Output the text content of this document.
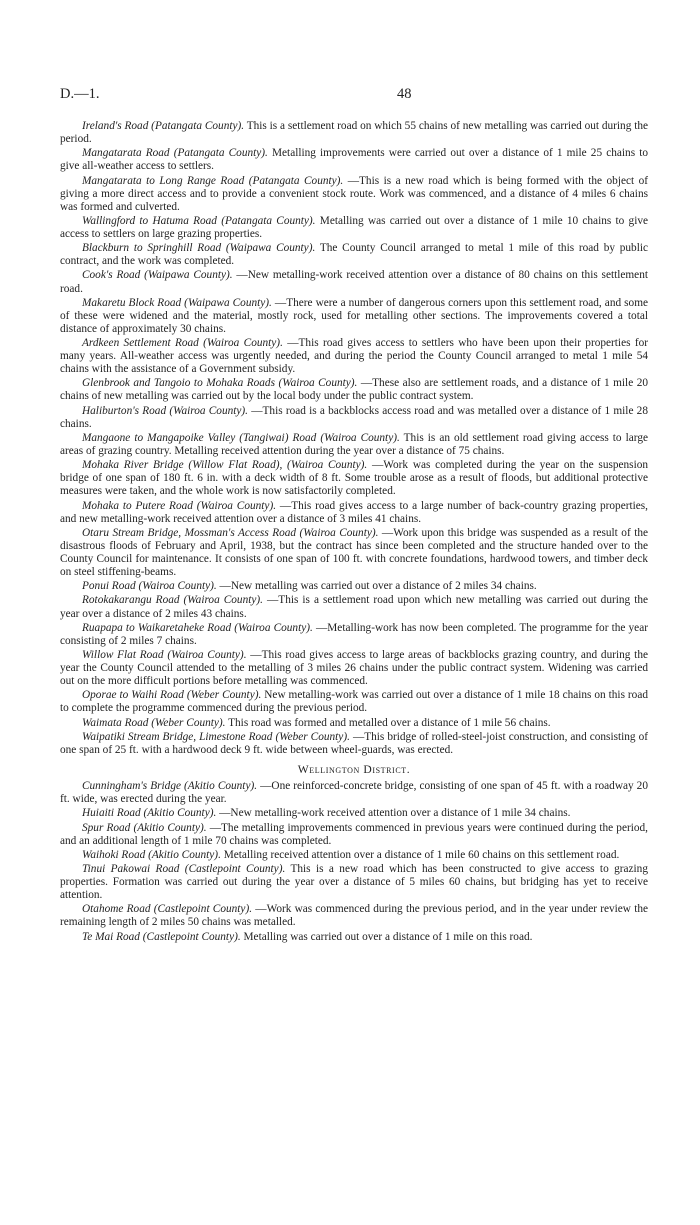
D.—1.	48

Ireland's Road (Patangata County). This is a settlement road on which 55 chains of new metalling was carried out during the period.

Mangatarata Road (Patangata County). Metalling improvements were carried out over a distance of 1 mile 25 chains to give all-weather access to settlers.

Mangatarata to Long Range Road (Patangata County). —This is a new road which is being formed with the object of giving a more direct access and to provide a convenient stock route. Work was commenced, and a distance of 4 miles 6 chains was formed and culverted.

Wallingford to Hatuma Road (Patangata County). Metalling was carried out over a distance of 1 mile 10 chains to give access to settlers on large grazing properties.

Blackburn to Springhill Road (Waipawa County). The County Council arranged to metal 1 mile of this road by public contract, and the work was completed.

Cook's Road (Waipawa County). —New metalling-work received attention over a distance of 80 chains on this settlement road.

Makaretu Block Road (Waipawa County). —There were a number of dangerous corners upon this settlement road, and some of these were widened and the material, mostly rock, used for metalling other sections. The improvements covered a total distance of approximately 30 chains.

Ardkeen Settlement Road (Wairoa County). —This road gives access to settlers who have been upon their properties for many years. All-weather access was urgently needed, and during the period the County Council arranged to metal 1 mile 54 chains with the assistance of a Government subsidy.

Glenbrook and Tangoio to Mohaka Roads (Wairoa County). —These also are settlement roads, and a distance of 1 mile 20 chains of new metalling was carried out by the local body under the public contract system.

Haliburton's Road (Wairoa County). —This road is a backblocks access road and was metalled over a distance of 1 mile 28 chains.

Mangaone to Mangapoike Valley (Tangiwai) Road (Wairoa County). This is an old settlement road giving access to large areas of grazing country. Metalling received attention during the year over a distance of 75 chains.

Mohaka River Bridge (Willow Flat Road), (Wairoa County). —Work was completed during the year on the suspension bridge of one span of 180 ft. 6 in. with a deck width of 8 ft. Some trouble arose as a result of floods, but additional protective measures were taken, and the whole work is now satisfactorily completed.

Mohaka to Putere Road (Wairoa County). —This road gives access to a large number of back-country grazing properties, and new metalling-work received attention over a distance of 3 miles 41 chains.

Otaru Stream Bridge, Mossman's Access Road (Wairoa County). —Work upon this bridge was suspended as a result of the disastrous floods of February and April, 1938, but the contract has since been completed and the structure handed over to the County Council for maintenance. It consists of one span of 100 ft. with concrete foundations, hardwood towers, and timber deck on steel stiffening-beams.

Ponui Road (Wairoa County). —New metalling was carried out over a distance of 2 miles 34 chains.

Rotokakarangu Road (Wairoa County). —This is a settlement road upon which new metalling was carried out during the year over a distance of 2 miles 43 chains.

Ruapapa to Waikaretaheke Road (Wairoa County). —Metalling-work has now been completed. The programme for the year consisting of 2 miles 7 chains.

Willow Flat Road (Wairoa County). —This road gives access to large areas of backblocks grazing country, and during the year the County Council attended to the metalling of 3 miles 26 chains under the public contract system. Widening was carried out on the more difficult portions before metalling was commenced.

Oporae to Waihi Road (Weber County). New metalling-work was carried out over a distance of 1 mile 18 chains on this road to complete the programme commenced during the previous period.

Waimata Road (Weber County). This road was formed and metalled over a distance of 1 mile 56 chains.

Waipatiki Stream Bridge, Limestone Road (Weber County). —This bridge of rolled-steel-joist construction, and consisting of one span of 25 ft. with a hardwood deck 9 ft. wide between wheel-guards, was erected.

Wellington District.

Cunningham's Bridge (Akitio County). —One reinforced-concrete bridge, consisting of one span of 45 ft. with a roadway 20 ft. wide, was erected during the year.

Huiaiti Road (Akitio County). —New metalling-work received attention over a distance of 1 mile 34 chains.

Spur Road (Akitio County). —The metalling improvements commenced in previous years were continued during the period, and an additional length of 1 mile 70 chains was completed.

Waihoki Road (Akitio County). Metalling received attention over a distance of 1 mile 60 chains on this settlement road.

Tinui Pakowai Road (Castlepoint County). This is a new road which has been constructed to give access to grazing properties. Formation was carried out during the year over a distance of 5 miles 60 chains, but bridging has yet to receive attention.

Otahome Road (Castlepoint County). —Work was commenced during the previous period, and in the year under review the remaining length of 2 miles 50 chains was metalled.

Te Mai Road (Castlepoint County). Metalling was carried out over a distance of 1 mile on this road.
